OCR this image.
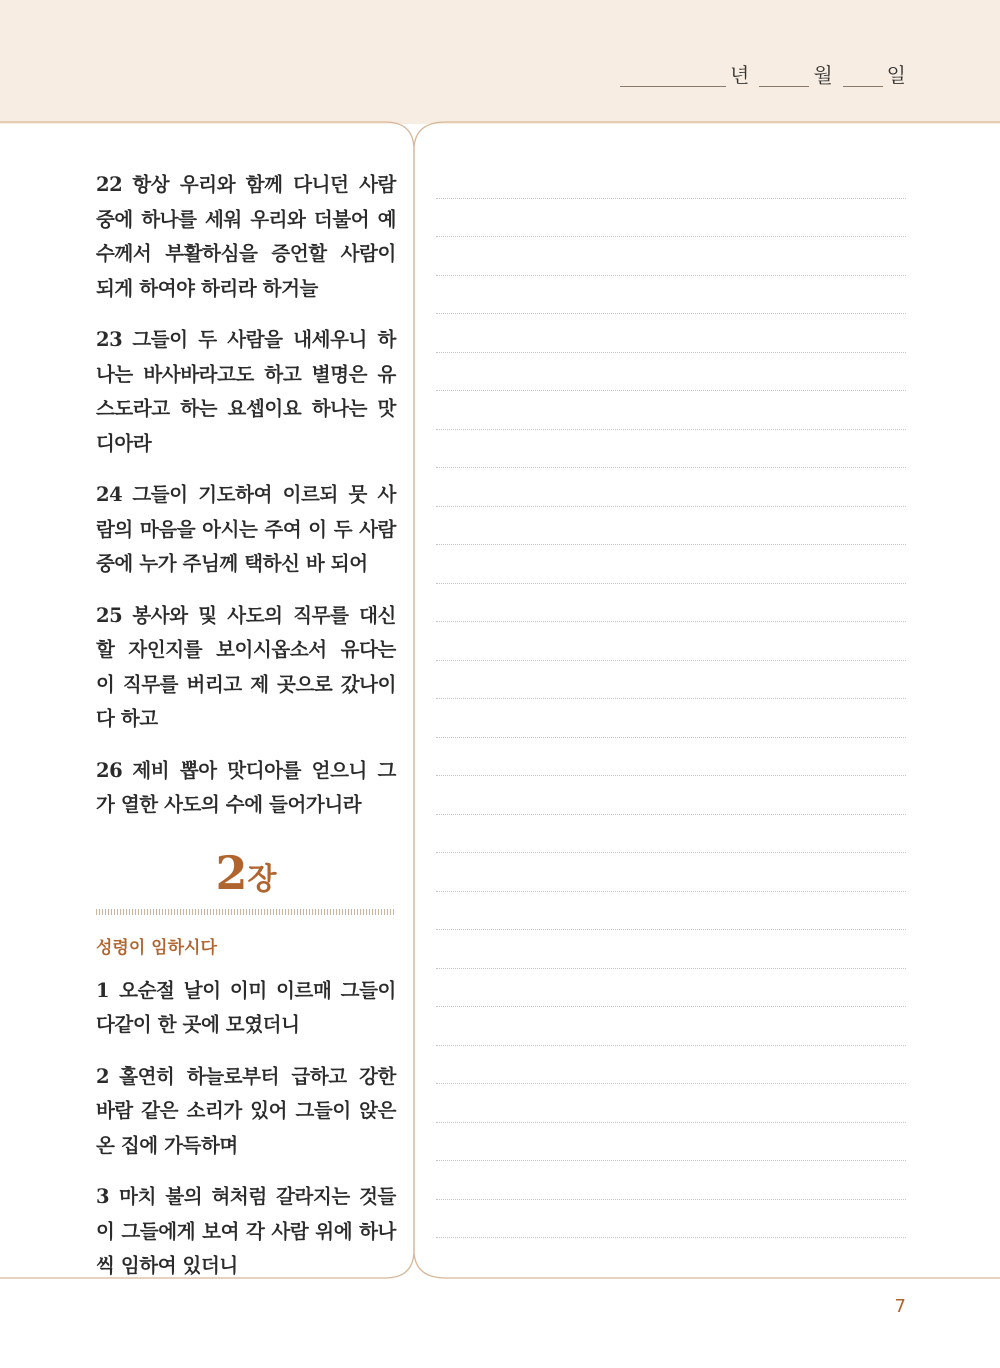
년	월	일

22 항상 우리와 함께 다니던 사람 중에 하나를 세워 우리와 더불어 예수께서 부활하심을 증언할 사람이 되게 하여야 하리라 하거늘

23 그들이 두 사람을 내세우니 하나는 바사바라고도 하고 별명은 유스도라고 하는 요셉이요 하나는 맛디아라

24 그들이 기도하여 이르되 뭇 사람의 마음을 아시는 주여 이 두 사람 중에 누가 주님께 택하신 바 되어

25 봉사와 및 사도의 직무를 대신할 자인지를 보이시옵소서 유다는 이 직무를 버리고 제 곳으로 갔나이다 하고

26 제비 뽑아 맛디아를 얻으니 그가 열한 사도의 수에 들어가니라

2장
성령이 임하시다

1 오순절 날이 이미 이르매 그들이 다같이 한 곳에 모였더니

2 홀연히 하늘로부터 급하고 강한 바람 같은 소리가 있어 그들이 앉은 온 집에 가득하며

3 마치 불의 혀처럼 갈라지는 것들이 그들에게 보여 각 사람 위에 하나씩 임하여 있더니

7
